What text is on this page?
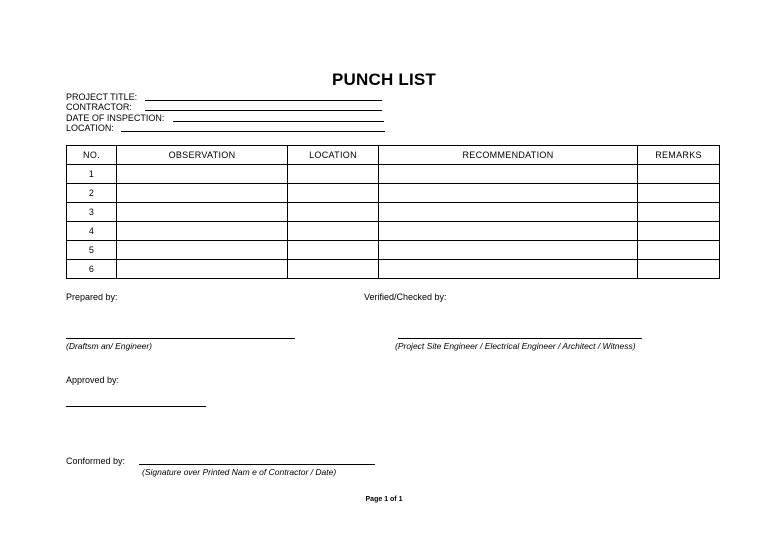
PUNCH LIST
PROJECT TITLE:
CONTRACTOR:
DATE OF INSPECTION:
LOCATION:
NO.	OBSERVATION	LOCATION	RECOMMENDATION	REMARKS
1				
2				
3				
4				
5				
6				
Prepared by:	Verified/Checked by:
(Draftsm an/ Engineer)	(Project Site Engineer / Electrical Engineer / Architect / Witness)
Approved by:
Conformed by:
(Signature over Printed Nam e of Contractor / Date)
Page 1 of 1
